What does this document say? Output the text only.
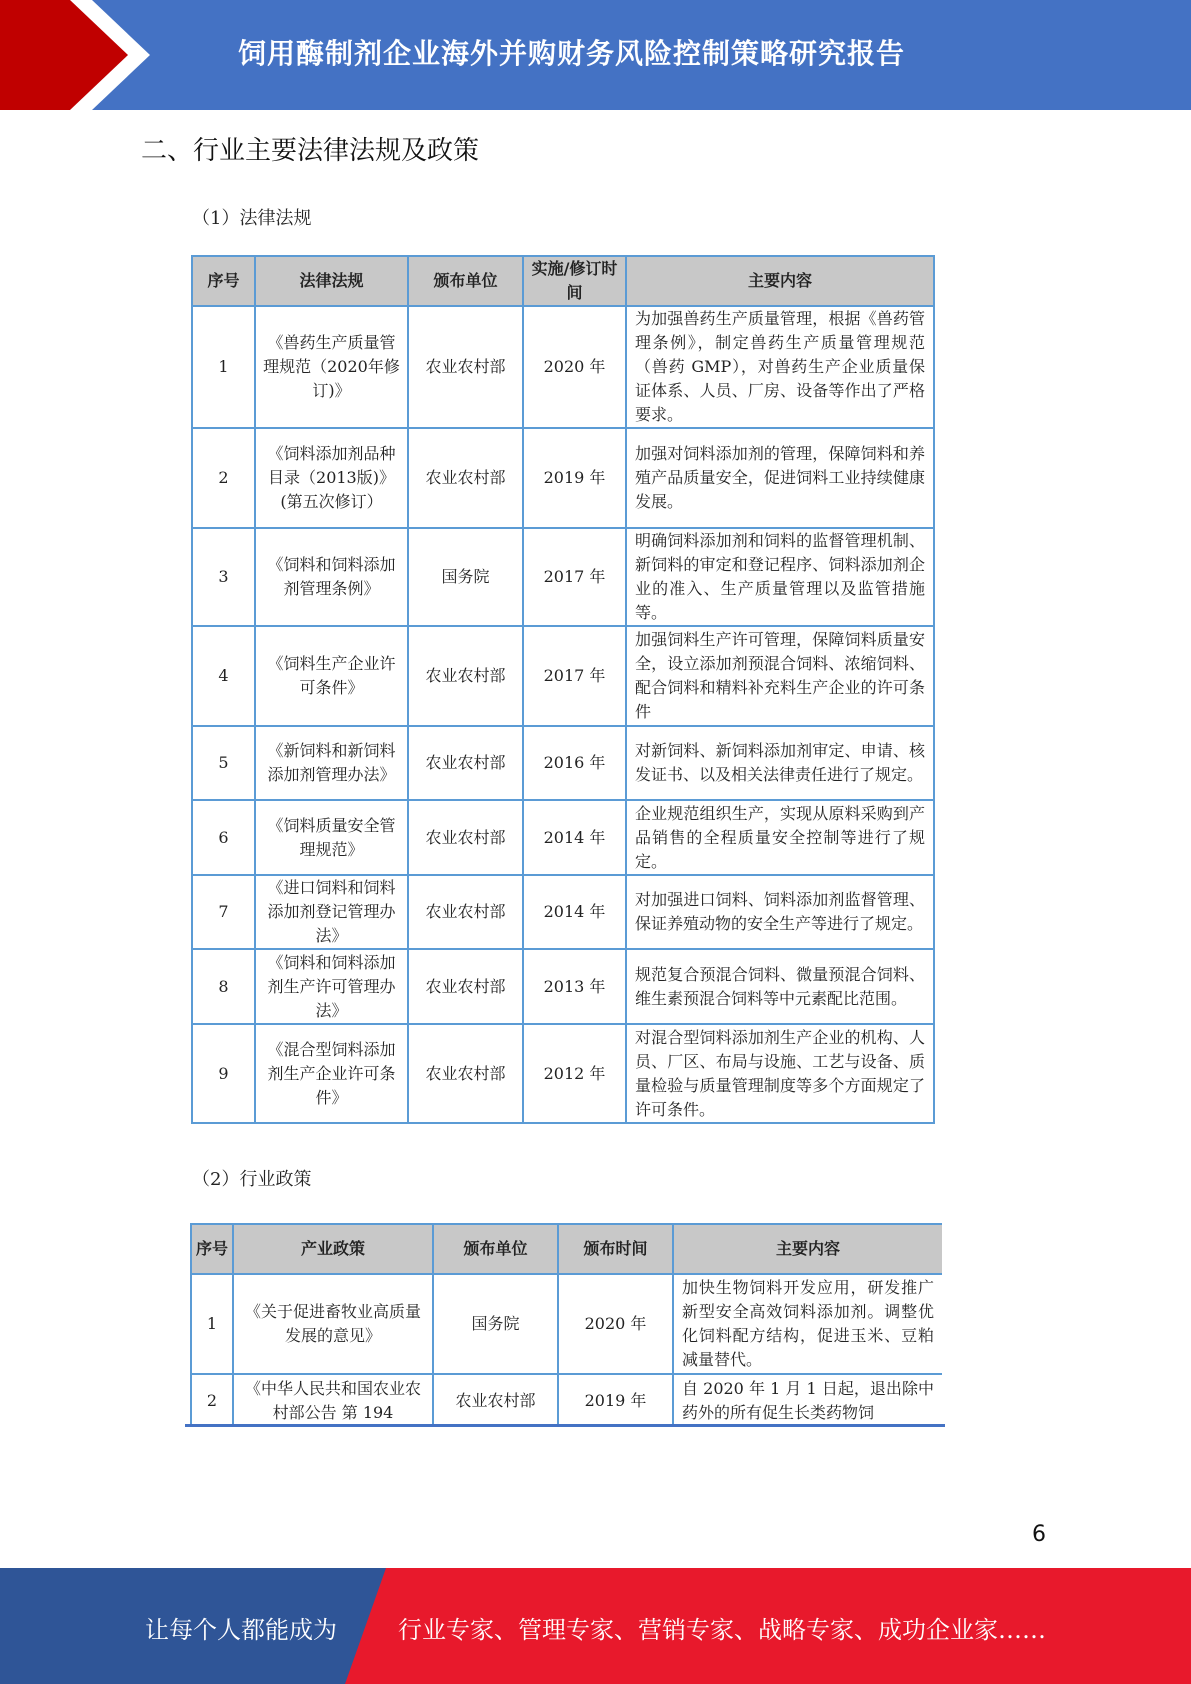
饲用酶制剂企业海外并购财务风险控制策略研究报告
二、行业主要法律法规及政策
（1）法律法规
序号	法律法规	颁布单位	实施/修订时间	主要内容
1	《兽药生产质量管理规范（2020年修订)》	农业农村部	2020 年	为加强兽药生产质量管理，根据《兽药管理条例》，制定兽药生产质量管理规范（兽药 GMP），对兽药生产企业质量保证体系、人员、厂房、设备等作出了严格要求。
2	《饲料添加剂品种目录（2013版)》(第五次修订）	农业农村部	2019 年	加强对饲料添加剂的管理，保障饲料和养殖产品质量安全，促进饲料工业持续健康发展。
3	《饲料和饲料添加剂管理条例》	国务院	2017 年	明确饲料添加剂和饲料的监督管理机制、新饲料的审定和登记程序、饲料添加剂企业的准入、生产质量管理以及监管措施等。
4	《饲料生产企业许可条件》	农业农村部	2017 年	加强饲料生产许可管理，保障饲料质量安全，设立添加剂预混合饲料、浓缩饲料、配合饲料和精料补充料生产企业的许可条件
5	《新饲料和新饲料添加剂管理办法》	农业农村部	2016 年	对新饲料、新饲料添加剂审定、申请、核发证书、以及相关法律责任进行了规定。
6	《饲料质量安全管理规范》	农业农村部	2014 年	企业规范组织生产，实现从原料采购到产品销售的全程质量安全控制等进行了规定。
7	《进口饲料和饲料添加剂登记管理办法》	农业农村部	2014 年	对加强进口饲料、饲料添加剂监督管理、保证养殖动物的安全生产等进行了规定。
8	《饲料和饲料添加剂生产许可管理办法》	农业农村部	2013 年	规范复合预混合饲料、微量预混合饲料、维生素预混合饲料等中元素配比范围。
9	《混合型饲料添加剂生产企业许可条件》	农业农村部	2012 年	对混合型饲料添加剂生产企业的机构、人员、厂区、布局与设施、工艺与设备、质量检验与质量管理制度等多个方面规定了许可条件。
（2）行业政策
序号	产业政策	颁布单位	颁布时间	主要内容
1	《关于促进畜牧业高质量发展的意见》	国务院	2020 年	加快生物饲料开发应用，研发推广新型安全高效饲料添加剂。调整优化饲料配方结构，促进玉米、豆粕减量替代。
2	《中华人民共和国农业农村部公告 第 194	农业农村部	2019 年	自 2020 年 1 月 1 日起，退出除中药外的所有促生长类药物饲
6
让每个人都能成为	行业专家、管理专家、营销专家、战略专家、成功企业家……
